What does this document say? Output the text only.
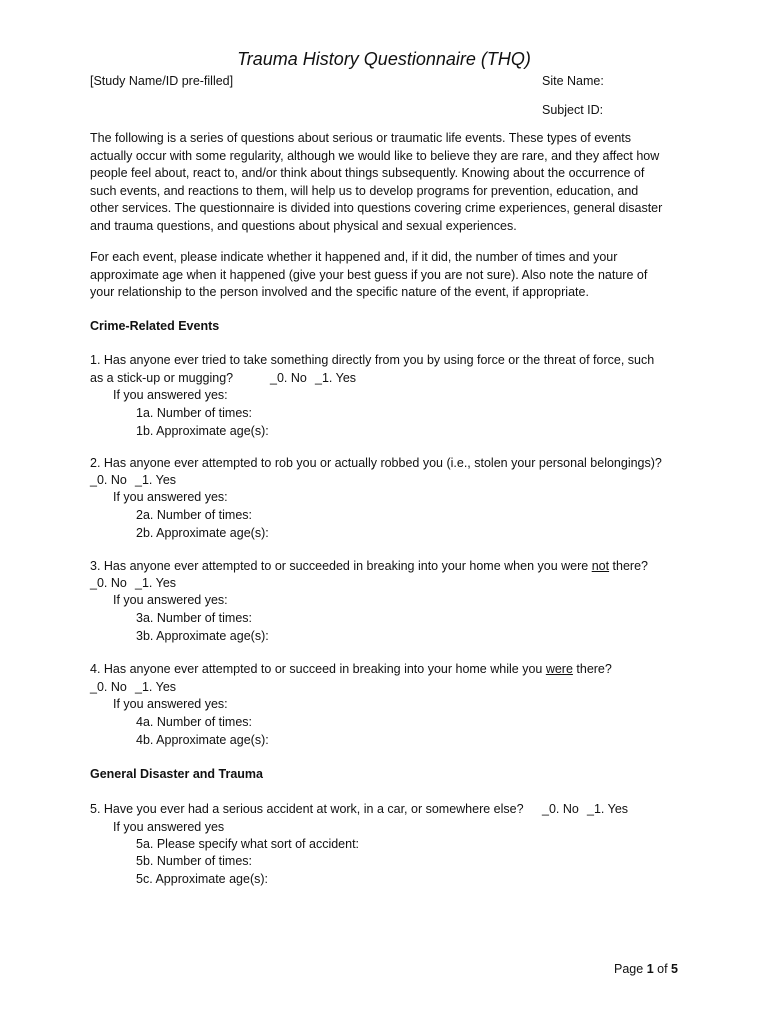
Trauma History Questionnaire (THQ)
[Study Name/ID pre-filled]	Site Name:
Subject ID:
The following is a series of questions about serious or traumatic life events. These types of events
actually occur with some regularity, although we would like to believe they are rare, and they affect how
people feel about, react to, and/or think about things subsequently. Knowing about the occurrence of
such events, and reactions to them, will help us to develop programs for prevention, education, and
other services. The questionnaire is divided into questions covering crime experiences, general disaster
and trauma questions, and questions about physical and sexual experiences.
For each event, please indicate whether it happened and, if it did, the number of times and your
approximate age when it happened (give your best guess if you are not sure). Also note the nature of
your relationship to the person involved and the specific nature of the event, if appropriate.
Crime-Related Events
1. Has anyone ever tried to take something directly from you by using force or the threat of force, such
as a stick-up or mugging?	_0. No _1. Yes
If you answered yes:
1a. Number of times:
1b. Approximate age(s):
2. Has anyone ever attempted to rob you or actually robbed you (i.e., stolen your personal belongings)?
_0. No _1. Yes
If you answered yes:
2a. Number of times:
2b. Approximate age(s):
3. Has anyone ever attempted to or succeeded in breaking into your home when you were not there?
_0. No _1. Yes
If you answered yes:
3a. Number of times:
3b. Approximate age(s):
4. Has anyone ever attempted to or succeed in breaking into your home while you were there?
_0. No _1. Yes
If you answered yes:
4a. Number of times:
4b. Approximate age(s):
General Disaster and Trauma
5. Have you ever had a serious accident at work, in a car, or somewhere else? _0. No _1. Yes
If you answered yes
5a. Please specify what sort of accident:
5b. Number of times:
5c. Approximate age(s):
Page 1 of 5
